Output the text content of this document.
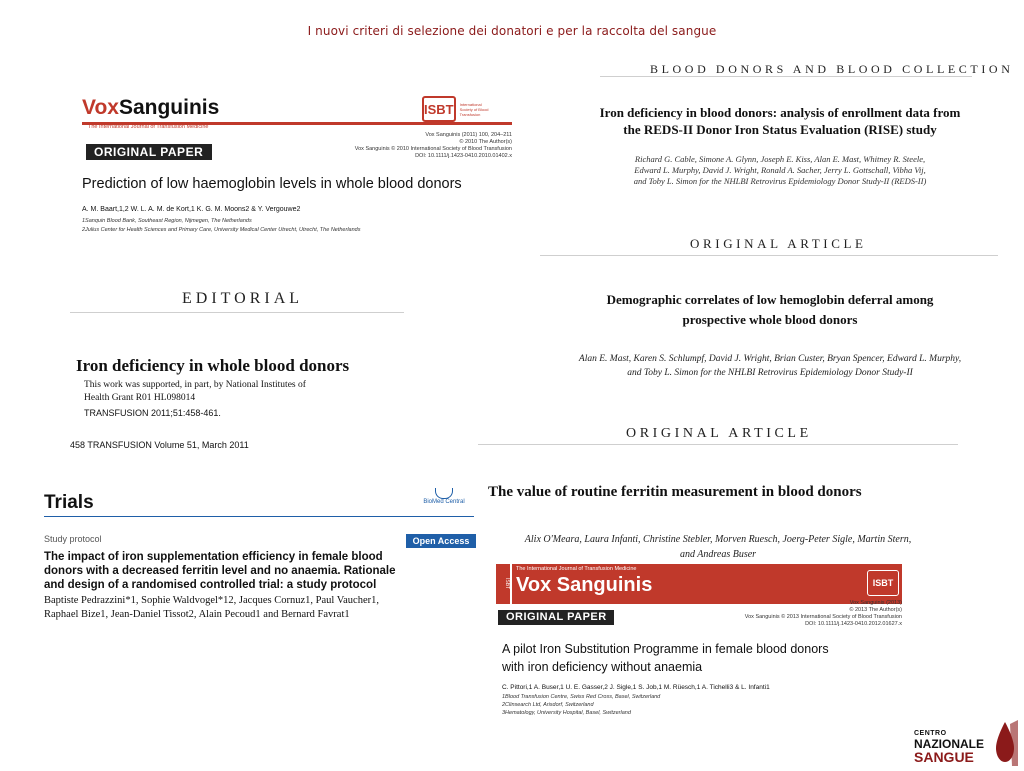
I nuovi criteri di selezione dei donatori e per la raccolta del sangue
VoxSanguinis	ISBT	International Society of Blood Transfusion
The International Journal of Transfusion Medicine
Vox Sanguinis (2011) 100, 204–211
© 2010 The Author(s)
Vox Sanguinis © 2010 International Society of Blood Transfusion
DOI: 10.1111/j.1423-0410.2010.01402.x
ORIGINAL PAPER
Prediction of low haemoglobin levels in whole blood donors
A. M. Baart,1,2 W. L. A. M. de Kort,1 K. G. M. Moons2 & Y. Vergouwe2
1Sanquin Blood Bank, Southeast Region, Nijmegen, The Netherlands
2Julius Center for Health Sciences and Primary Care, University Medical Center Utrecht, Utrecht, The Netherlands
BLOOD DONORS AND BLOOD COLLECTION
Iron deficiency in blood donors: analysis of enrollment data from
the REDS-II Donor Iron Status Evaluation (RISE) study
Richard G. Cable, Simone A. Glynn, Joseph E. Kiss, Alan E. Mast, Whitney R. Steele,
Edward L. Murphy, David J. Wright, Ronald A. Sacher, Jerry L. Gottschall, Vibha Vij,
and Toby L. Simon for the NHLBI Retrovirus Epidemiology Donor Study-II (REDS-II)
ORIGINAL ARTICLE
EDITORIAL
Iron deficiency in whole blood donors
This work was supported, in part, by National Institutes of
Health Grant R01 HL098014
TRANSFUSION 2011;51:458-461.
458 TRANSFUSION Volume 51, March 2011
Demographic correlates of low hemoglobin deferral among
prospective whole blood donors
Alan E. Mast, Karen S. Schlumpf, David J. Wright, Brian Custer, Bryan Spencer, Edward L. Murphy,
and Toby L. Simon for the NHLBI Retrovirus Epidemiology Donor Study-II
ORIGINAL ARTICLE
The value of routine ferritin measurement in blood donors
Alix O'Meara, Laura Infanti, Christine Stebler, Morven Ruesch, Joerg-Peter Sigle, Martin Stern,
and Andreas Buser
Trials	BioMed Central
Study protocol	Open Access
The impact of iron supplementation efficiency in female blood
donors with a decreased ferritin level and no anaemia. Rationale
and design of a randomised controlled trial: a study protocol
Baptiste Pedrazzini*1, Sophie Waldvogel*12, Jacques Cornuz1, Paul Vaucher1,
Raphael Bize1, Jean-Daniel Tissot2, Alain Pecoud1 and Bernard Favrat1
ISBT
The International Journal of Transfusion Medicine
Vox Sanguinis	ISBT
Vox Sanguinis (2013)
© 2013 The Author(s)
Vox Sanguinis © 2013 International Society of Blood Transfusion
DOI: 10.1111/j.1423-0410.2012.01627.x
ORIGINAL PAPER
A pilot Iron Substitution Programme in female blood donors
with iron deficiency without anaemia
C. Pittori,1 A. Buser,1 U. E. Gasser,2 J. Sigle,1 S. Job,1 M. Rüesch,1 A. Tichelli3 & L. Infanti1
1Blood Transfusion Centre, Swiss Red Cross, Basel, Switzerland
2Clinsearch Ltd, Arisdorf, Switzerland
3Hematology, University Hospital, Basel, Switzerland
CENTRO
NAZIONALE
SANGUE
